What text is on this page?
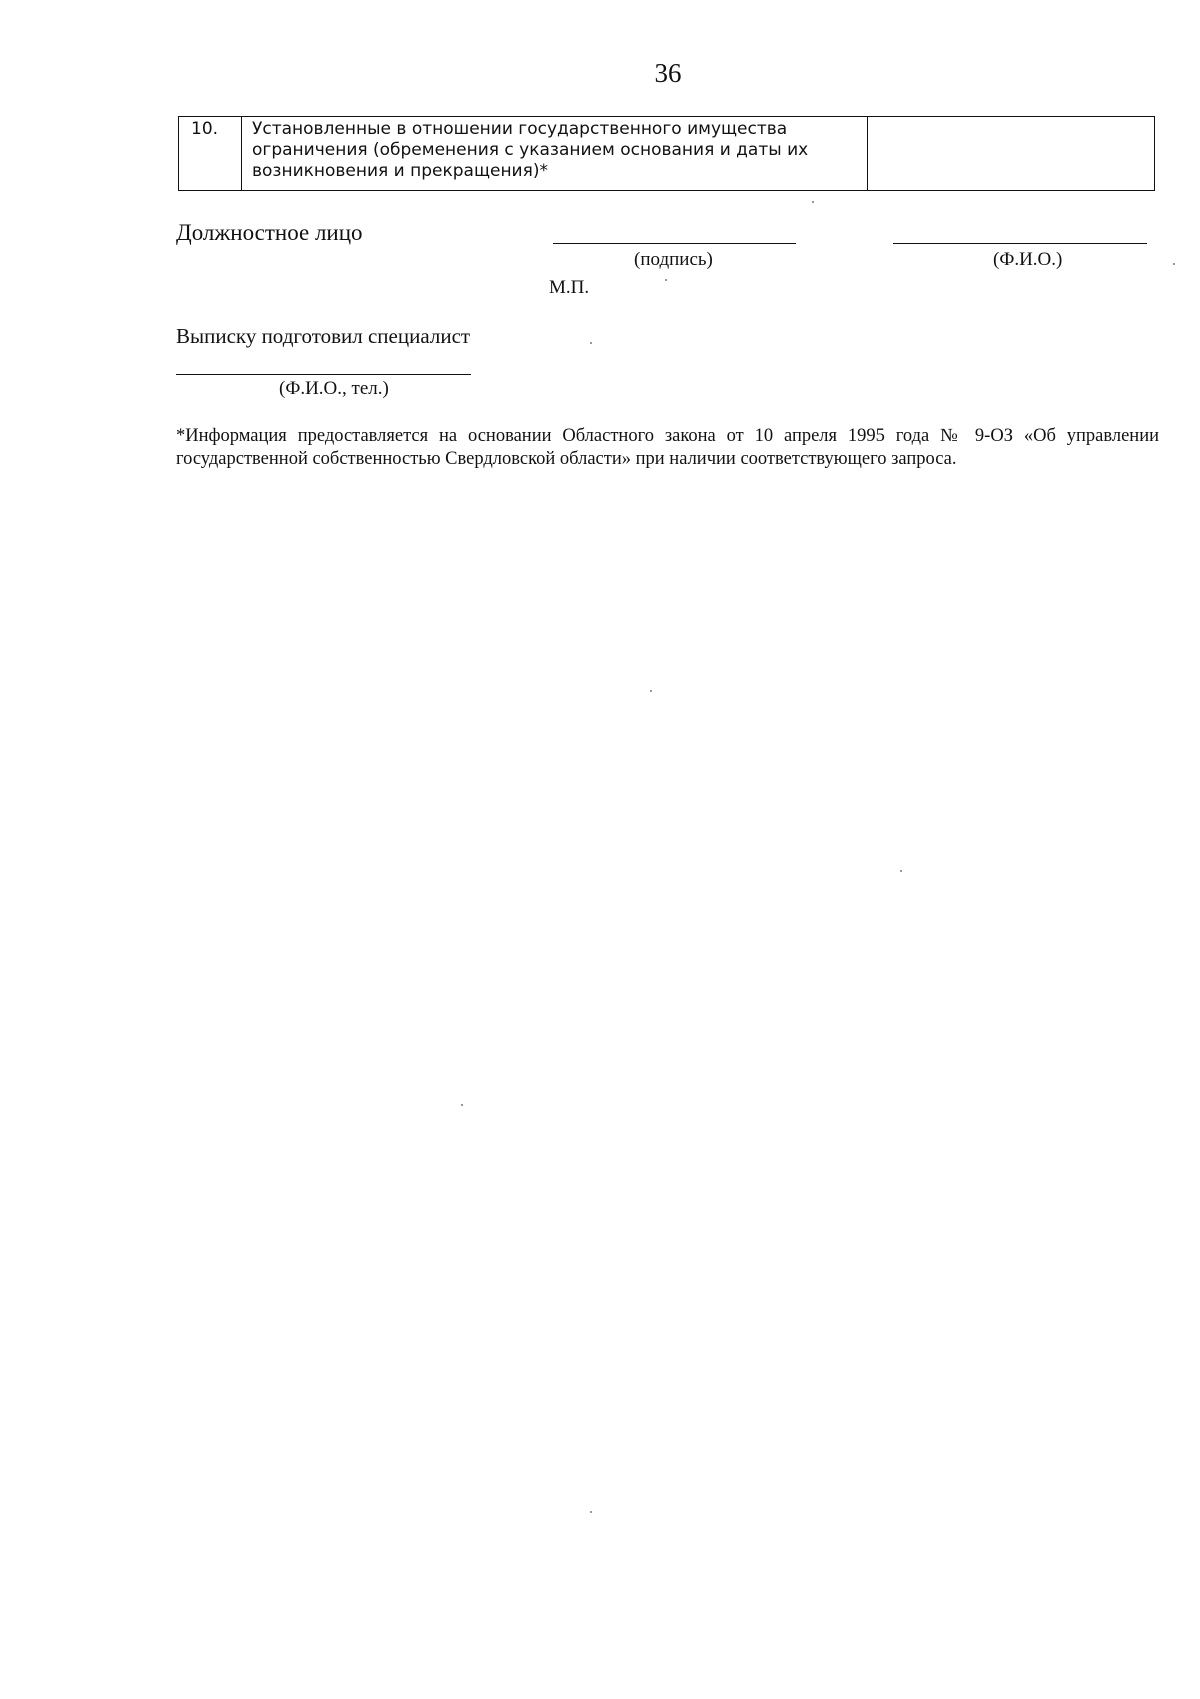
36
10.	Установленные в отношении государственного имущества ограничения (обременения с указанием основания и даты их возникновения и прекращения)*	
Должностное лицо
(подпись)	(Ф.И.О.)
М.П.
Выписку подготовил специалист
(Ф.И.О., тел.)
*Информация предоставляется на основании Областного закона от 10 апреля 1995 года № 9-ОЗ «Об управлении государственной собственностью Свердловской области» при наличии соответствующего запроса.
